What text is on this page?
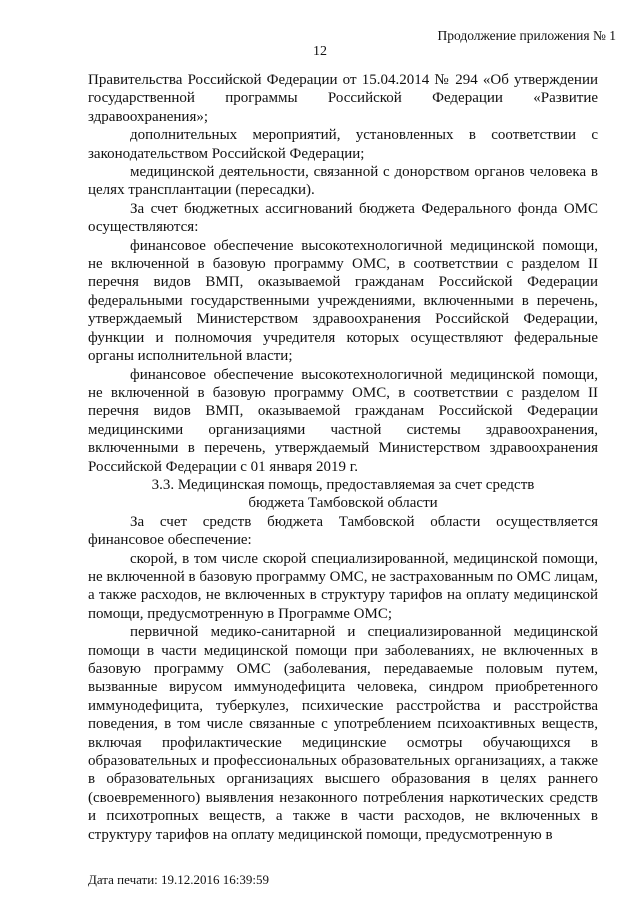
Продолжение приложения № 1
12

Правительства Российской Федерации от 15.04.2014 № 294 «Об утверждении государственной программы Российской Федерации «Развитие здравоохранения»;

дополнительных мероприятий, установленных в соответствии с законодательством Российской Федерации;

медицинской деятельности, связанной с донорством органов человека в целях трансплантации (пересадки).

За счет бюджетных ассигнований бюджета Федерального фонда ОМС осуществляются:

финансовое обеспечение высокотехнологичной медицинской помощи, не включенной в базовую программу ОМС, в соответствии с разделом II перечня видов ВМП, оказываемой гражданам Российской Федерации федеральными государственными учреждениями, включенными в перечень, утверждаемый Министерством здравоохранения Российской Федерации, функции и полномочия учредителя которых осуществляют федеральные органы исполнительной власти;

финансовое обеспечение высокотехнологичной медицинской помощи, не включенной в базовую программу ОМС, в соответствии с разделом II перечня видов ВМП, оказываемой гражданам Российской Федерации медицинскими организациями частной системы здравоохранения, включенными в перечень, утверждаемый Министерством здравоохранения Российской Федерации с 01 января 2019 г.

3.3. Медицинская помощь, предоставляемая за счет средств
бюджета Тамбовской области

За счет средств бюджета Тамбовской области осуществляется финансовое обеспечение:

скорой, в том числе скорой специализированной, медицинской помощи, не включенной в базовую программу ОМС, не застрахованным по ОМС лицам, а также расходов, не включенных в структуру тарифов на оплату медицинской помощи, предусмотренную в Программе ОМС;

первичной медико-санитарной и специализированной медицинской помощи в части медицинской помощи при заболеваниях, не включенных в базовую программу ОМС (заболевания, передаваемые половым путем, вызванные вирусом иммунодефицита человека, синдром приобретенного иммунодефицита, туберкулез, психические расстройства и расстройства поведения, в том числе связанные с употреблением психоактивных веществ, включая профилактические медицинские осмотры обучающихся в образовательных и профессиональных образовательных организациях, а также в образовательных организациях высшего образования в целях раннего (своевременного) выявления незаконного потребления наркотических средств и психотропных веществ, а также в части расходов, не включенных в структуру тарифов на оплату медицинской помощи, предусмотренную в

Дата печати: 19.12.2016 16:39:59
